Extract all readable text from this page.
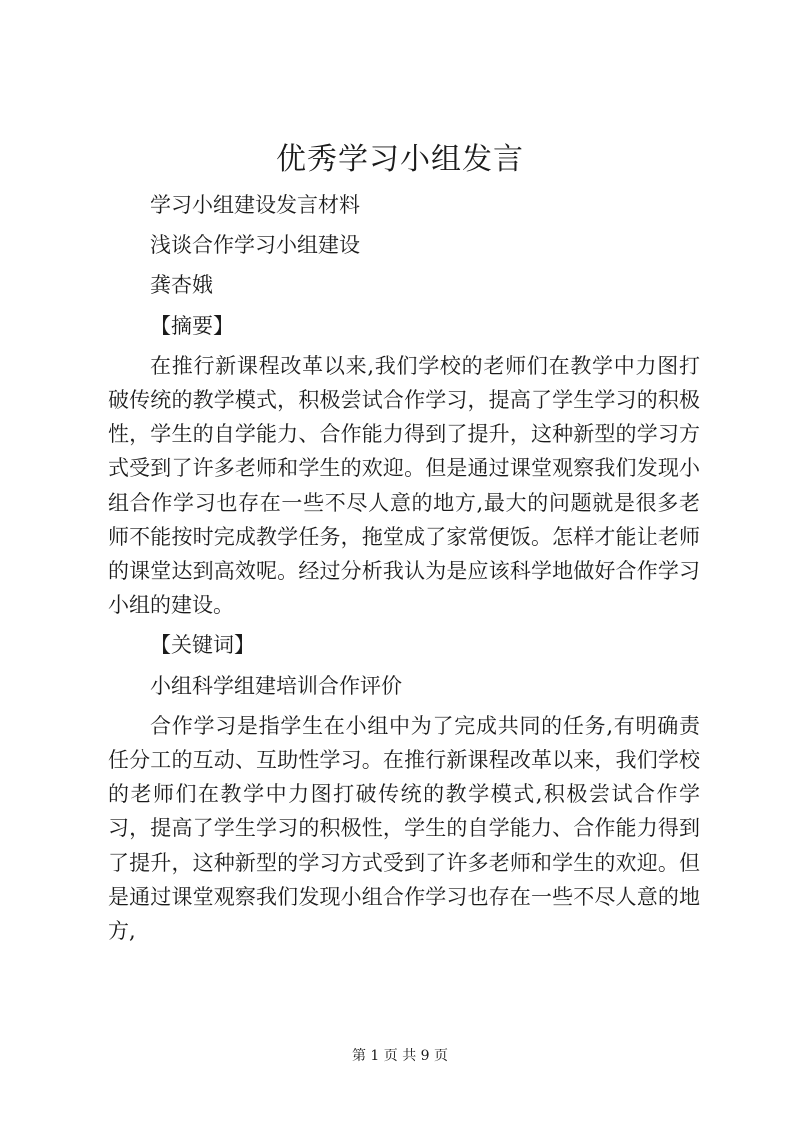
优秀学习小组发言

学习小组建设发言材料

浅谈合作学习小组建设

龚杏娥

【摘要】

在推行新课程改革以来,我们学校的老师们在教学中力图打破传统的教学模式，积极尝试合作学习，提高了学生学习的积极性，学生的自学能力、合作能力得到了提升，这种新型的学习方式受到了许多老师和学生的欢迎。但是通过课堂观察我们发现小组合作学习也存在一些不尽人意的地方,最大的问题就是很多老师不能按时完成教学任务，拖堂成了家常便饭。怎样才能让老师的课堂达到高效呢。经过分析我认为是应该科学地做好合作学习小组的建设。

【关键词】

小组科学组建培训合作评价

合作学习是指学生在小组中为了完成共同的任务,有明确责任分工的互动、互助性学习。在推行新课程改革以来，我们学校的老师们在教学中力图打破传统的教学模式,积极尝试合作学习，提高了学生学习的积极性，学生的自学能力、合作能力得到了提升，这种新型的学习方式受到了许多老师和学生的欢迎。但是通过课堂观察我们发现小组合作学习也存在一些不尽人意的地方,

第 1 页 共 9 页
